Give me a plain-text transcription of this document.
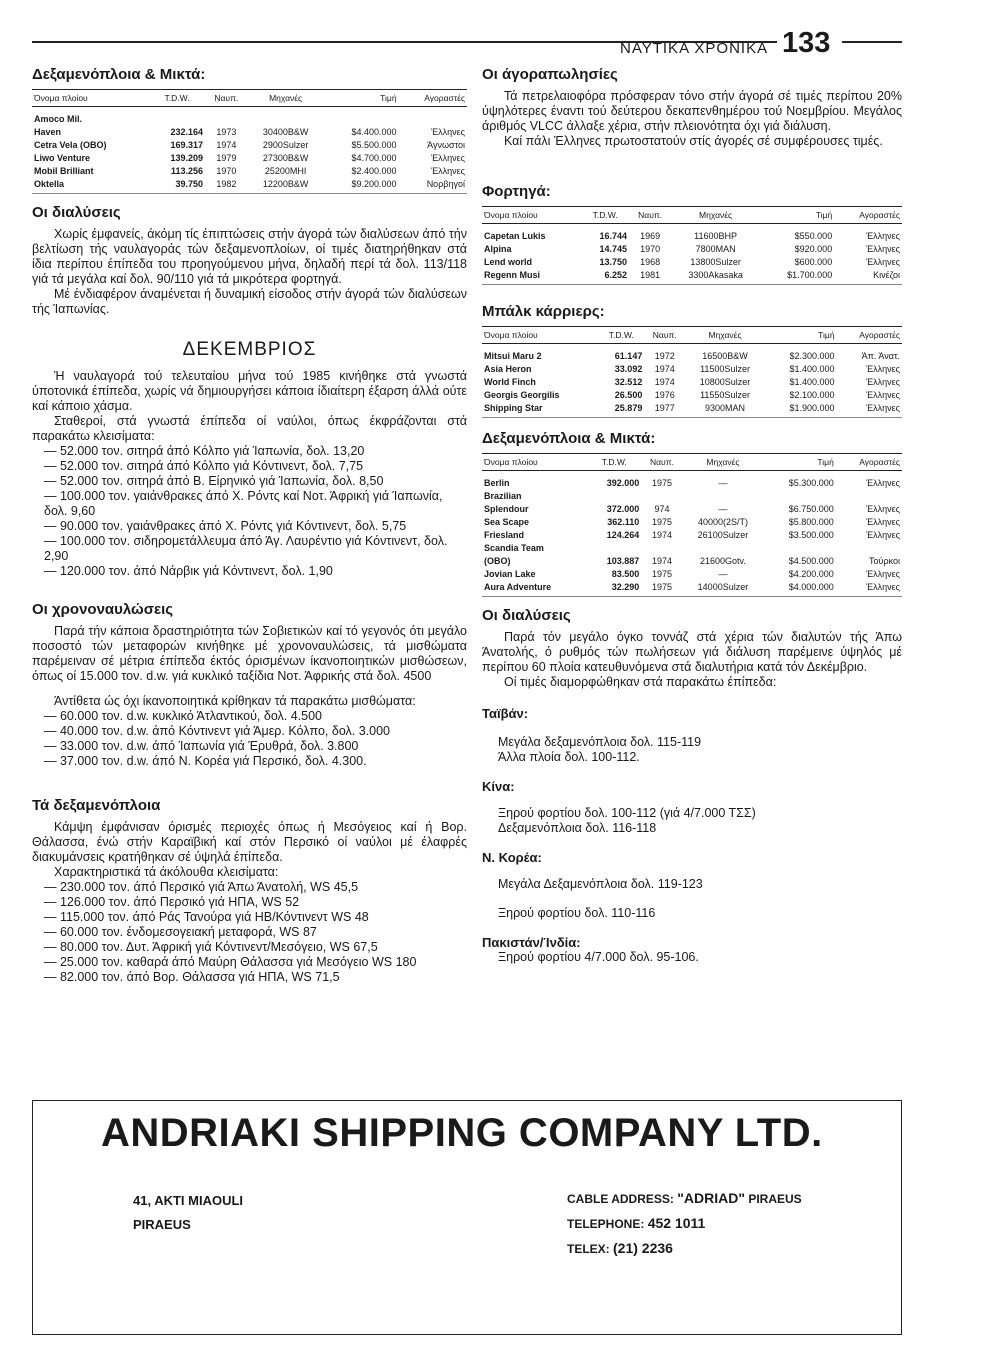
ΝΑΥΤΙΚΑ ΧΡΟΝΙΚΑ 133
Δεξαμενόπλοια & Μικτά:
Όνομα πλοίου	T.D.W.	Ναυπ.	Μηχανές	Τιμή	Αγοραστές
Amoco Mil.					
Haven	232.164	1973	30400B&W	$4.400.000	Έλληνες
Cetra Vela (OBO)	169.317	1974	2900Sulzer	$5.500.000	Άγνωστοι
Liwo Venture	139.209	1979	27300B&W	$4.700.000	Έλληνες
Mobil Brilliant	113.256	1970	25200MHI	$2.400.000	Έλληνες
Oktella	39.750	1982	12200B&W	$9.200.000	Νορβηγοί
Οι διαλύσεις

Χωρίς έμφανείς, άκόμη τίς έπιπτώσεις στήν άγορά τών διαλύσεων άπό τήν βελτίωση τής ναυλαγοράς τών δεξαμενοπλοίων, οί τιμές διατηρήθηκαν στά ίδια περίπου έπίπεδα του προηγούμενου μήνα, δηλαδή περί τά δολ. 113/118 γιά τά μεγάλα καί δολ. 90/110 γιά τά μικρότερα φορτηγά.

Μέ ένδιαφέρον άναμένεται ή δυναμική είσοδος στήν άγορά τών διαλύσεων τής Ίαπωνίας.

ΔΕΚΕΜΒΡΙΟΣ

Ή ναυλαγορά τού τελευταίου μήνα τού 1985 κινήθηκε στά γνωστά ύποτονικά έπίπεδα, χωρίς νά δημιουργήσει κάποια ίδιαίτερη έξαρση άλλά ούτε καί κάποιο χάσμα.

Σταθεροί, στά γνωστά έπίπεδα οί ναύλοι, όπως έκφράζονται στά παρακάτω κλεισίματα:

— 52.000 τον. σιτηρά άπό Κόλπο γιά Ίαπωνία, δολ. 13,20
— 52.000 τον. σιτηρά άπό Κόλπο γιά Κόντινεντ, δολ. 7,75
— 52.000 τον. σιτηρά άπό Β. Είρηνικό γιά Ίαπωνία, δολ. 8,50
— 100.000 τον. γαιάνθρακες άπό Χ. Ρόντς καί Νοτ. Άφρική γιά Ίαπωνία, δολ. 9,60
— 90.000 τον. γαιάνθρακες άπό Χ. Ρόντς γιά Κόντινεντ, δολ. 5,75
— 100.000 τον. σιδηρομετάλλευμα άπό Άγ. Λαυρέντιο γιά Κόντινεντ, δολ. 2,90
— 120.000 τον. άπό Νάρβικ γιά Κόντινεντ, δολ. 1,90
Οι χρονοναυλώσεις

Παρά τήν κάποια δραστηριότητα τών Σοβιετικών καί τό γεγονός ότι μεγάλο ποσοστό τών μεταφορών κινήθηκε μέ χρονοναυλώσεις, τά μισθώματα παρέμειναν σέ μέτρια έπίπεδα έκτός όρισμένων ίκανοποιητικών μισθώσεων, όπως οί 15.000 τον. d.w. γιά κυκλικό ταξίδια Νοτ. Άφρικής στά δολ. 4500

Άντίθετα ώς όχι ίκανοποιητικά κρίθηκαν τά παρακάτω μισθώματα:

— 60.000 τον. d.w. κυκλικό Άτλαντικού, δολ. 4.500
— 40.000 τον. d.w. άπό Κόντινεντ γιά Άμερ. Κόλπο, δολ. 3.000
— 33.000 τον. d.w. άπό Ίαπωνία γιά Έρυθρά, δολ. 3.800
— 37.000 τον. d.w. άπό Ν. Κορέα γιά Περσικό, δολ. 4.300.
Τά δεξαμενόπλοια

Κάμψη έμφάνισαν όρισμές περιοχές όπως ή Μεσόγειος καί ή Βορ. Θάλασσα, ένώ στήν Καραϊβική καί στόν Περσικό οί ναύλοι μέ έλαφρές διακυμάνσεις κρατήθηκαν σέ ύψηλά έπίπεδα.

Χαρακτηριστικά τά άκόλουθα κλεισίματα:

— 230.000 τον. άπό Περσικό γιά Άπω Άνατολή, WS 45,5
— 126.000 τον. άπό Περσικό γιά ΗΠΑ, WS 52
— 115.000 τον. άπό Ράς Τανούρα γιά ΗΒ/Κόντινεντ WS 48
— 60.000 τον. ένδομεσογειακή μεταφορά, WS 87
— 80.000 τον. Δυτ. Άφρική γιά Κόντινεντ/Μεσόγειο, WS 67,5
— 25.000 τον. καθαρά άπό Μαύρη Θάλασσα γιά Μεσόγειο WS 180
— 82.000 τον. άπό Βορ. Θάλασσα γιά ΗΠΑ, WS 71,5
Οι άγοραπωλησίες

Τά πετρελαιοφόρα πρόσφεραν τόνο στήν άγορά σέ τιμές περίπου 20% ύψηλότερες έναντι τού δεύτερου δεκαπενθημέρου τού Νοεμβρίου. Μεγάλος άριθμός VLCC άλλαξε χέρια, στήν πλειονότητα όχι γιά διάλυση.

Καί πάλι Έλληνες πρωτοστατούν στίς άγορές σέ συμφέρουσες τιμές.

Φορτηγά:
Όνομα πλοίου	T.D.W.	Ναυπ.	Μηχανές	Τιμή	Αγοραστές
Capetan Lukis	16.744	1969	11600BHP	$550.000	Έλληνες
Alpina	14.745	1970	7800MAN	$920.000	Έλληνες
Lend world	13.750	1968	13800Sulzer	$600.000	Έλληνες
Regenn Musi	6.252	1981	3300Akasaka	$1.700.000	Κινέζοι
Μπάλκ κάρριερς:
Όνομα πλοίου	T.D.W.	Ναυπ.	Μηχανές	Τιμή	Αγοραστές
Mitsui Maru 2	61.147	1972	16500B&W	$2.300.000	Άπ. Άνατ.
Asia Heron	33.092	1974	11500Sulzer	$1.400.000	Έλληνες
World Finch	32.512	1974	10800Sulzer	$1.400.000	Έλληνες
Georgis Georgilis	26.500	1976	11550Sulzer	$2.100.000	Έλληνες
Shipping Star	25.879	1977	9300MAN	$1.900.000	Έλληνες
Δεξαμενόπλοια & Μικτά:
Όνομα πλοίου	T.D.W.	Ναυπ.	Μηχανές	Τιμή	Αγοραστές
Berlin	392.000	1975	—	$5.300.000	Έλληνες
Brazilian					
Splendour	372.000	974	—	$6.750.000	Έλληνες
Sea Scape	362.110	1975	40000(2S/T)	$5.800.000	Έλληνες
Friesland	124.264	1974	26100Sulzer	$3.500.000	Έλληνες
Scandia Team					
(OBO)	103.887	1974	21600Gotv.	$4.500.000	Τούρκοι
Jovian Lake	83.500	1975	—	$4.200.000	Έλληνες
Aura Adventure	32.290	1975	14000Sulzer	$4.000.000	Έλληνες
Οι διαλύσεις

Παρά τόν μεγάλο όγκο τοννάζ στά χέρια τών διαλυτών τής Άπω Άνατολής, ό ρυθμός τών πωλήσεων γιά διάλυση παρέμεινε ύψηλός μέ περίπου 60 πλοία κατευθυνόμενα στά διαλυτήρια κατά τόν Δεκέμβριο.

Οί τιμές διαμορφώθηκαν στά παρακάτω έπίπεδα:

Ταϊβάν:

Μεγάλα δεξαμενόπλοια δολ. 115-119

Άλλα πλοία δολ. 100-112.

Κίνα:

Ξηρού φορτίου δολ. 100-112 (γιά 4/7.000 ΤΣΣ)

Δεξαμενόπλοια δολ. 116-118

Ν. Κορέα:

Μεγάλα Δεξαμενόπλοια δολ. 119-123

Ξηρού φορτίου δολ. 110-116

Πακιστάν/Ίνδία:

Ξηρού φορτίου 4/7.000 δολ. 95-106.

ANDRIAKI SHIPPING COMPANY LTD.
41, AKTI MIAOULI
PIRAEUS
CABLE ADDRESS: "ADRIAD" PIRAEUS
TELEPHONE: 452 1011
TELEX: (21) 2236
